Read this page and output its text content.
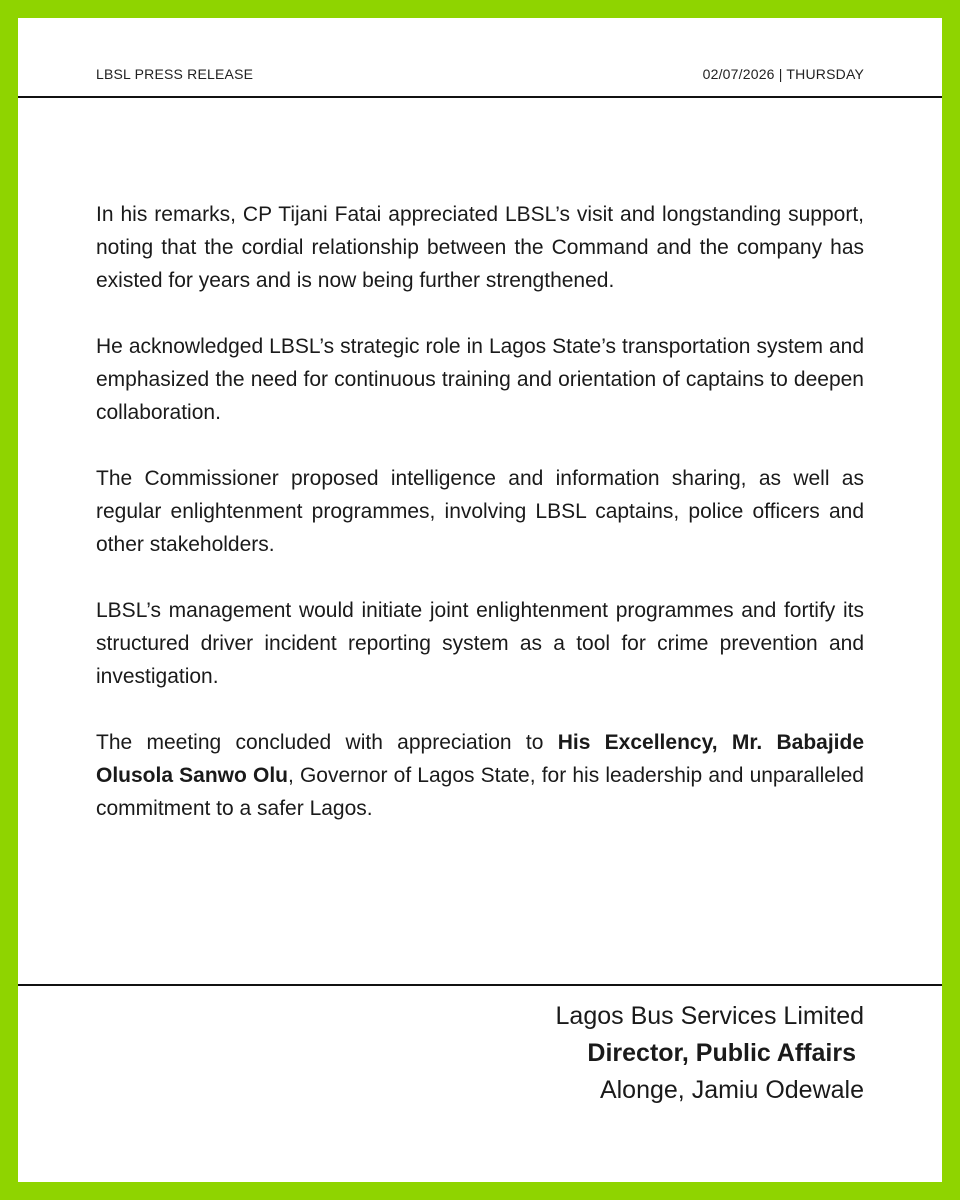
LBSL PRESS RELEASE	02/07/2026 | THURSDAY

In his remarks, CP Tijani Fatai appreciated LBSL’s visit and longstanding support, noting that the cordial relationship between the Command and the company has existed for years and is now being further strengthened.

He acknowledged LBSL’s strategic role in Lagos State’s transportation system and emphasized the need for continuous training and orientation of captains to deepen collaboration.

The Commissioner proposed intelligence and information sharing, as well as regular enlightenment programmes, involving LBSL captains, police officers and other stakeholders.

LBSL’s management would initiate joint enlightenment programmes and fortify its structured driver incident reporting system as a tool for crime prevention and investigation.

The meeting concluded with appreciation to His Excellency, Mr. Babajide Olusola Sanwo Olu, Governor of Lagos State, for his leadership and unparalleled commitment to a safer Lagos.

Lagos Bus Services Limited
Director, Public Affairs
Alonge, Jamiu Odewale
